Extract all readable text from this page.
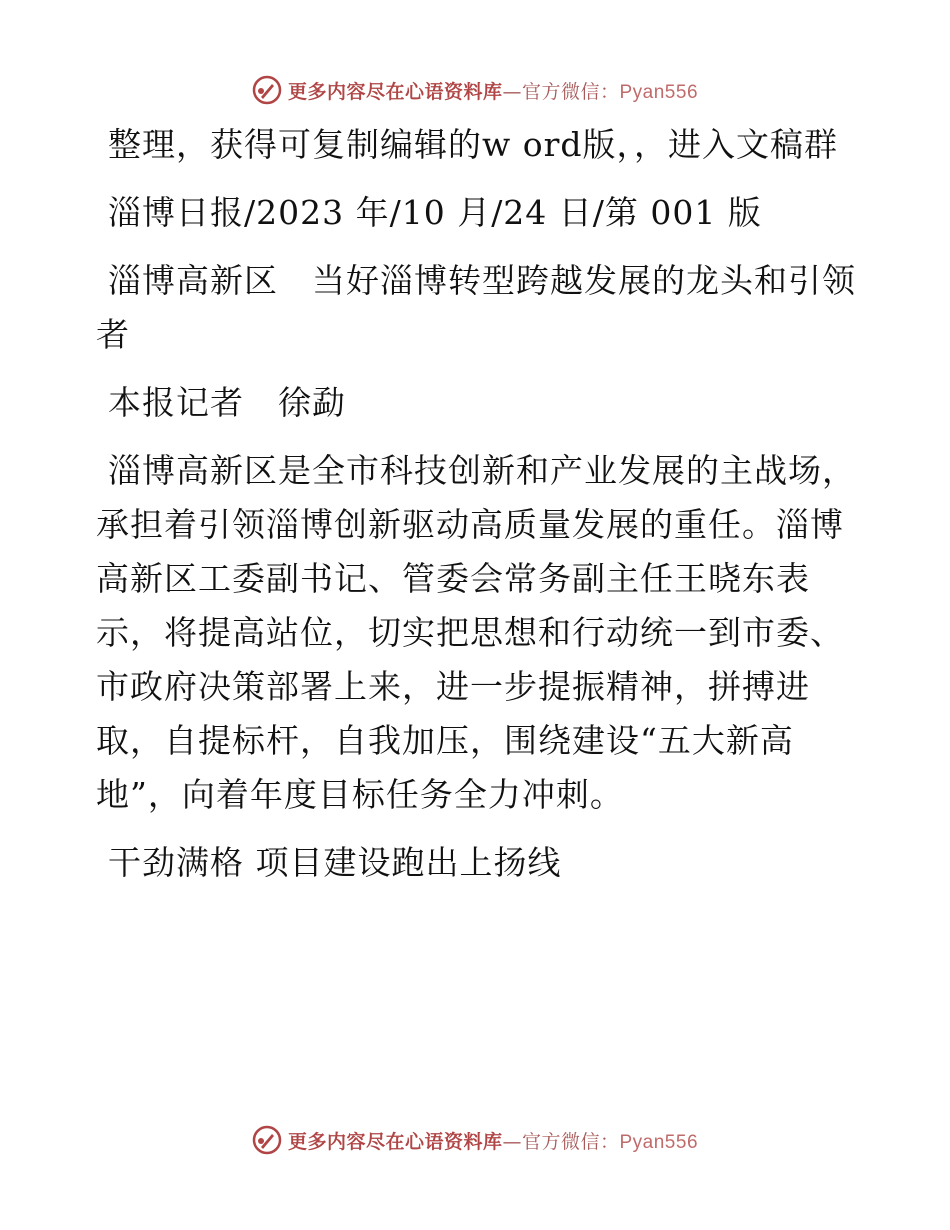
更多内容尽在心语资料库—官方微信：Pyan556

整理，获得可复制编辑的w ord版，，进入文稿群

淄博日报/2023 年/10 月/24 日/第 001 版

淄博高新区　当好淄博转型跨越发展的龙头和引领者

本报记者　徐勐

淄博高新区是全市科技创新和产业发展的主战场，承担着引领淄博创新驱动高质量发展的重任。淄博高新区工委副书记、管委会常务副主任王晓东表示，将提高站位，切实把思想和行动统一到市委、市政府决策部署上来，进一步提振精神，拼搏进取，自提标杆，自我加压，围绕建设“五大新高地”，向着年度目标任务全力冲刺。

干劲满格 项目建设跑出上扬线

更多内容尽在心语资料库—官方微信：Pyan556
